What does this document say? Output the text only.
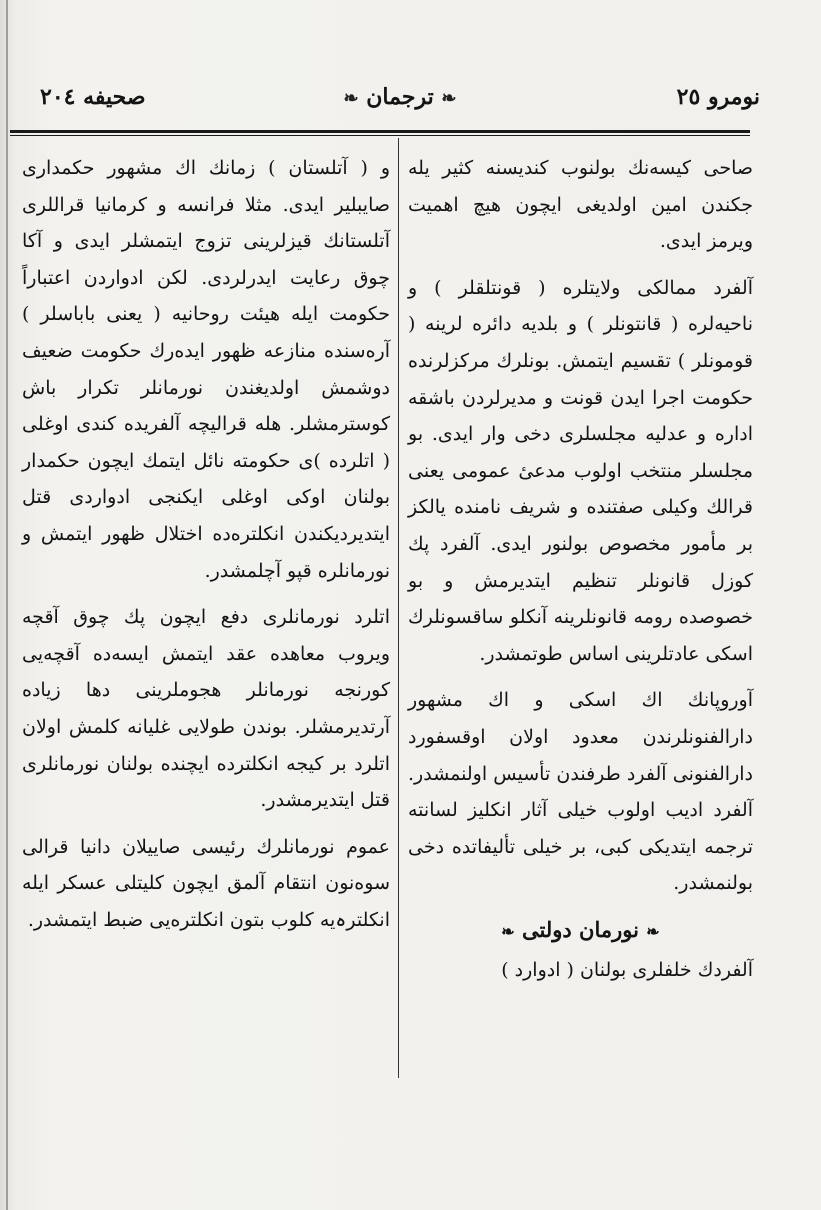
نومرو ٢٥
❧ ترجمان ❧
صحيفه ٢٠٤

صاحی کیسه‌نك بولنوب کندیسنه کثیر یله جکندن امین اولدیغی ایچون هیچ اهمیت ویرمز ایدی.

آلفرد ممالکی ولایتلره ( قونتلقلر ) و ناحیه‌لره ( قانتونلر ) و بلدیه دائره لرینه ( قومونلر ) تقسیم ایتمش. بونلرك مرکزلرنده حکومت اجرا ایدن قونت و مدیرلردن باشقه اداره و عدلیه مجلسلری دخی وار ایدی. بو مجلسلر منتخب اولوب مدعیٔ عمومی یعنی قرالك وکیلی صفتنده و شریف نامنده یالکز بر مأمور مخصوص بولنور ایدی. آلفرد پك کوزل قانونلر تنظیم ایتدیرمش و بو خصوصده رومه قانونلرینه آنکلو ساقسونلرك اسکی عادتلرینی اساس طوتمشدر.

آوروپانك اك اسکی و اك مشهور دارالفنونلرندن معدود اولان اوقسفورد دارالفنونی آلفرد طرفندن تأسیس اولنمشدر. آلفرد ادیب اولوب خیلی آثار انکلیز لسانته ترجمه ایتدیکی کبی، بر خیلی تألیفاتده دخی بولنمشدر.

❧ نورمان دولتی ❧

آلفرد‌ك خلفلری بولنان ( ادوارد )

و ( آتلستان ) زمانك اك مشهور حکمداری صایبلیر ایدی. مثلا فرانسه و کرمانیا قراللری آتلستانك قیزلرینی تزوج ایتمشلر ایدی و آکا چوق رعایت ایدرلردی. لکن ادواردن اعتباراً حکومت ایله هیئت روحانیه ( یعنی باباسلر ) آره‌سنده منازعه ظهور ایده‌رك حکومت ضعیف دوشمش اولدیغندن نورمانلر تکرار باش کوسترمشلر. هله قرالیچه آلفریده کندی اوغلی ( اتلرده )ی حکومته نائل ایتمك ایچون حکمدار بولنان اوکی اوغلی ایکنجی ادواردی قتل ایتدیردیکندن انکلتره‌ده اختلال ظهور ایتمش و نورمانلره قپو آچلمشدر.

اتلرد نورمانلری دفع ایچون پك چوق آقچه ویروب معاهده عقد ایتمش ایسه‌ده آقچه‌یی کورنجه نورمانلر هجوملرینی دها زیاده آرتدیرمشلر. بوندن طولایی غلیانه کلمش اولان اتلرد بر کیجه انکلترده ایچنده بولنان نورمانلری قتل ایتدیرمشدر.

عموم نورمانلرك رئیسی صاییلان دانیا قرالی سوه‌نون انتقام آلمق ایچون کلیتلی عسکر ایله انکلترہ‌یه کلوب بتون انکلتره‌یی ضبط ایتمشدر.
